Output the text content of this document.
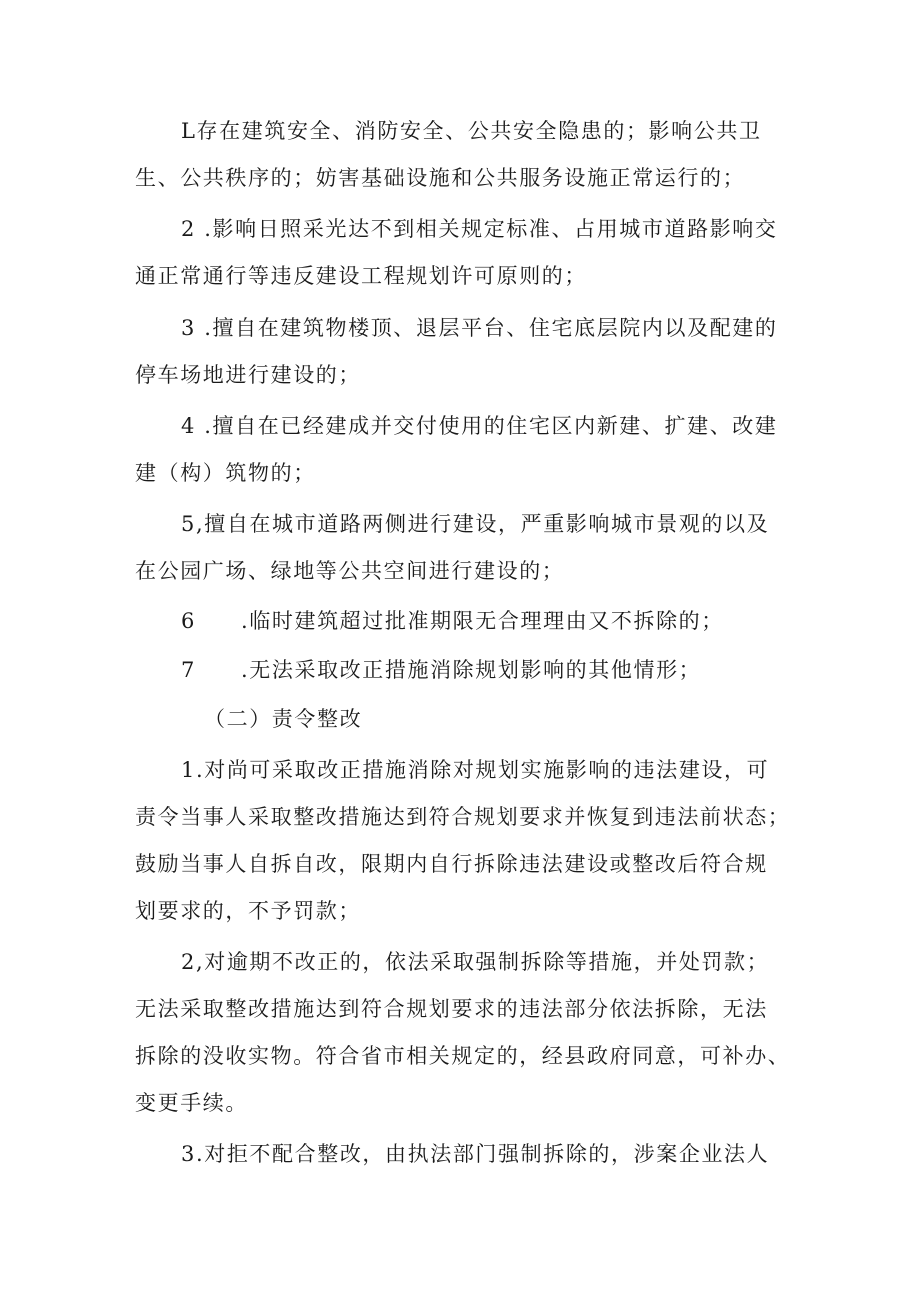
L存在建筑安全、消防安全、公共安全隐患的；影响公共卫
生、公共秩序的；妨害基础设施和公共服务设施正常运行的；
2 .影响日照采光达不到相关规定标准、占用城市道路影响交
通正常通行等违反建设工程规划许可原则的；
3 .擅自在建筑物楼顶、退层平台、住宅底层院内以及配建的
停车场地进行建设的；
4 .擅自在已经建成并交付使用的住宅区内新建、扩建、改建
建（构）筑物的；
5,擅自在城市道路两侧进行建设，严重影响城市景观的以及
在公园广场、绿地等公共空间进行建设的；
6 .临时建筑超过批准期限无合理理由又不拆除的；
7 .无法采取改正措施消除规划影响的其他情形；
（二）责令整改
1.对尚可采取改正措施消除对规划实施影响的违法建设，可
责令当事人采取整改措施达到符合规划要求并恢复到违法前状态；
鼓励当事人自拆自改，限期内自行拆除违法建设或整改后符合规
划要求的，不予罚款；
2,对逾期不改正的，依法采取强制拆除等措施，并处罚款；
无法采取整改措施达到符合规划要求的违法部分依法拆除，无法
拆除的没收实物。符合省市相关规定的，经县政府同意，可补办、
变更手续。
3.对拒不配合整改，由执法部门强制拆除的，涉案企业法人
